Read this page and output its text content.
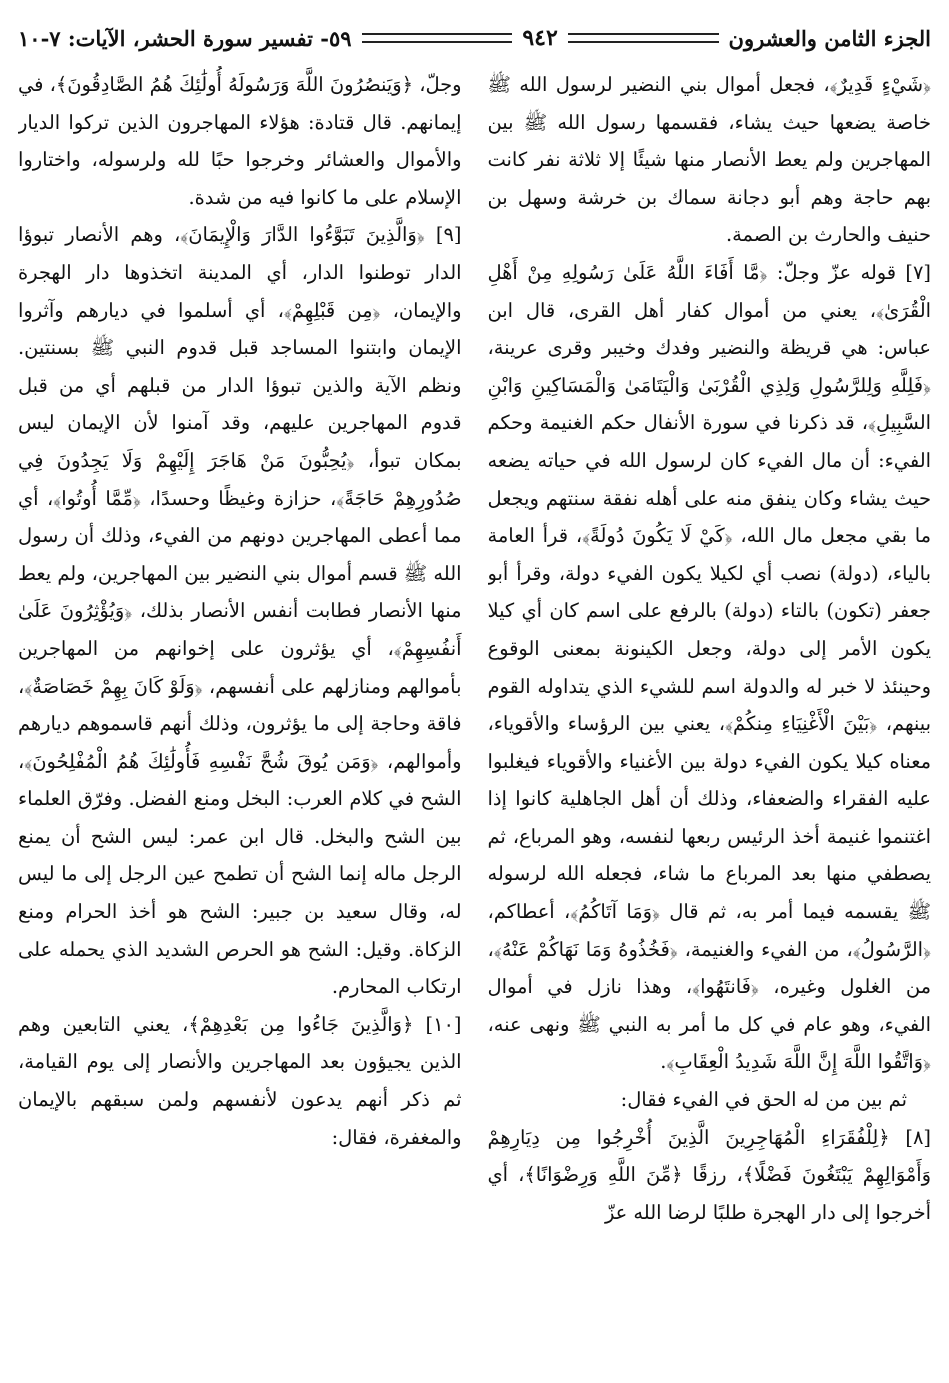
الجزء الثامن والعشرون
٩٤٢
٥٩- تفسير سورة الحشر، الآيات: ٧-١٠

﴿شَيْءٍ قَدِيرٌ﴾، فجعل أموال بني النضير لرسول الله ﷺ خاصة يضعها حيث يشاء، فقسمها رسول الله ﷺ بين المهاجرين ولم يعط الأنصار منها شيئًا إلا ثلاثة نفر كانت بهم حاجة وهم أبو دجانة سماك بن خرشة وسهل بن حنيف والحارث بن الصمة.

[٧] قوله عزّ وجلّ: ﴿مَّا أَفَاءَ اللَّهُ عَلَىٰ رَسُولِهِ مِنْ أَهْلِ الْقُرَىٰ﴾، يعني من أموال كفار أهل القرى، قال ابن عباس: هي قريظة والنضير وفدك وخيبر وقرى عرينة، ﴿فَلِلَّهِ وَلِلرَّسُولِ وَلِذِي الْقُرْبَىٰ وَالْيَتَامَىٰ وَالْمَسَاكِينِ وَابْنِ السَّبِيلِ﴾، قد ذكرنا في سورة الأنفال حكم الغنيمة وحكم الفيء: أن مال الفيء كان لرسول الله في حياته يضعه حيث يشاء وكان ينفق منه على أهله نفقة سنتهم ويجعل ما بقي مجعل مال الله، ﴿كَيْ لَا يَكُونَ دُولَةً﴾، قرأ العامة بالياء، (دولة) نصب أي لكيلا يكون الفيء دولة، وقرأ أبو جعفر (تكون) بالتاء (دولة) بالرفع على اسم كان أي كيلا يكون الأمر إلى دولة، وجعل الكينونة بمعنى الوقوع وحينئذ لا خبر له والدولة اسم للشيء الذي يتداوله القوم بينهم، ﴿بَيْنَ الْأَغْنِيَاءِ مِنكُمْ﴾، يعني بين الرؤساء والأقوياء، معناه كيلا يكون الفيء دولة بين الأغنياء والأقوياء فيغلبوا عليه الفقراء والضعفاء، وذلك أن أهل الجاهلية كانوا إذا اغتنموا غنيمة أخذ الرئيس ربعها لنفسه، وهو المرباع، ثم يصطفي منها بعد المرباع ما شاء، فجعله الله لرسوله ﷺ يقسمه فيما أمر به، ثم قال ﴿وَمَا آتَاكُمُ﴾، أعطاكم، ﴿الرَّسُولُ﴾، من الفيء والغنيمة، ﴿فَخُذُوهُ وَمَا نَهَاكُمْ عَنْهُ﴾، من الغلول وغيره، ﴿فَانتَهُوا﴾، وهذا نازل في أموال الفيء، وهو عام في كل ما أمر به النبي ﷺ ونهى عنه، ﴿وَاتَّقُوا اللَّهَ إِنَّ اللَّهَ شَدِيدُ الْعِقَابِ﴾.

ثم بين من له الحق في الفيء فقال:

[٨] ﴿لِلْفُقَرَاءِ الْمُهَاجِرِينَ الَّذِينَ أُخْرِجُوا مِن دِيَارِهِمْ وَأَمْوَالِهِمْ يَبْتَغُونَ فَضْلًا﴾، رزقًا ﴿مِّنَ اللَّهِ وَرِضْوَانًا﴾، أي أخرجوا إلى دار الهجرة طلبًا لرضا الله عزّ

وجلّ، ﴿وَيَنصُرُونَ اللَّهَ وَرَسُولَهُ أُولَٰئِكَ هُمُ الصَّادِقُونَ﴾، في إيمانهم. قال قتادة: هؤلاء المهاجرون الذين تركوا الديار والأموال والعشائر وخرجوا حبًا لله ولرسوله، واختاروا الإسلام على ما كانوا فيه من شدة.

[٩] ﴿وَالَّذِينَ تَبَوَّءُوا الدَّارَ وَالْإِيمَانَ﴾، وهم الأنصار تبوؤا الدار توطنوا الدار، أي المدينة اتخذوها دار الهجرة والإيمان، ﴿مِن قَبْلِهِمْ﴾، أي أسلموا في ديارهم وآثروا الإيمان وابتنوا المساجد قبل قدوم النبي ﷺ بسنتين. ونظم الآية والذين تبوؤا الدار من قبلهم أي من قبل قدوم المهاجرين عليهم، وقد آمنوا لأن الإيمان ليس بمكان تبوأ، ﴿يُحِبُّونَ مَنْ هَاجَرَ إِلَيْهِمْ وَلَا يَجِدُونَ فِي صُدُورِهِمْ حَاجَةً﴾، حزازة وغيظًا وحسدًا، ﴿مِّمَّا أُوتُوا﴾، أي مما أعطى المهاجرين دونهم من الفيء، وذلك أن رسول الله ﷺ قسم أموال بني النضير بين المهاجرين، ولم يعط منها الأنصار فطابت أنفس الأنصار بذلك، ﴿وَيُؤْثِرُونَ عَلَىٰ أَنفُسِهِمْ﴾، أي يؤثرون على إخوانهم من المهاجرين بأموالهم ومنازلهم على أنفسهم، ﴿وَلَوْ كَانَ بِهِمْ خَصَاصَةٌ﴾، فاقة وحاجة إلى ما يؤثرون، وذلك أنهم قاسموهم ديارهم وأموالهم، ﴿وَمَن يُوقَ شُحَّ نَفْسِهِ فَأُولَٰئِكَ هُمُ الْمُفْلِحُونَ﴾، الشح في كلام العرب: البخل ومنع الفضل. وفرّق العلماء بين الشح والبخل. قال ابن عمر: ليس الشح أن يمنع الرجل ماله إنما الشح أن تطمح عين الرجل إلى ما ليس له، وقال سعيد بن جبير: الشح هو أخذ الحرام ومنع الزكاة. وقيل: الشح هو الحرص الشديد الذي يحمله على ارتكاب المحارم.

[١٠] ﴿وَالَّذِينَ جَاءُوا مِن بَعْدِهِمْ﴾، يعني التابعين وهم الذين يجيؤون بعد المهاجرين والأنصار إلى يوم القيامة، ثم ذكر أنهم يدعون لأنفسهم ولمن سبقهم بالإيمان والمغفرة، فقال:
